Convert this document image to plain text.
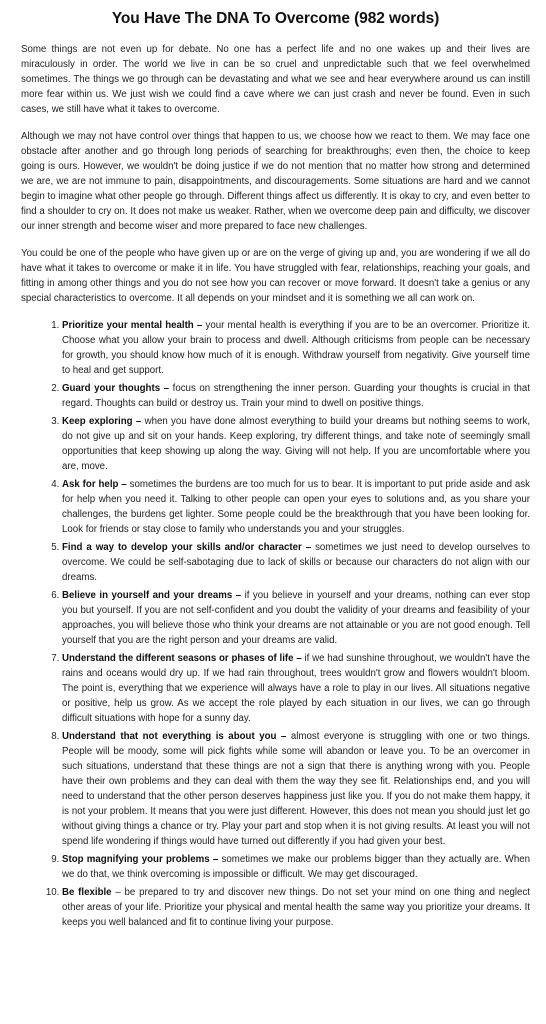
You Have The DNA To Overcome (982 words)

Some things are not even up for debate. No one has a perfect life and no one wakes up and their lives are miraculously in order. The world we live in can be so cruel and unpredictable such that we feel overwhelmed sometimes. The things we go through can be devastating and what we see and hear everywhere around us can instill more fear within us. We just wish we could find a cave where we can just crash and never be found. Even in such cases, we still have what it takes to overcome.

Although we may not have control over things that happen to us, we choose how we react to them. We may face one obstacle after another and go through long periods of searching for breakthroughs; even then, the choice to keep going is ours. However, we wouldn't be doing justice if we do not mention that no matter how strong and determined we are, we are not immune to pain, disappointments, and discouragements. Some situations are hard and we cannot begin to imagine what other people go through. Different things affect us differently. It is okay to cry, and even better to find a shoulder to cry on. It does not make us weaker. Rather, when we overcome deep pain and difficulty, we discover our inner strength and become wiser and more prepared to face new challenges.

You could be one of the people who have given up or are on the verge of giving up and, you are wondering if we all do have what it takes to overcome or make it in life. You have struggled with fear, relationships, reaching your goals, and fitting in among other things and you do not see how you can recover or move forward. It doesn't take a genius or any special characteristics to overcome. It all depends on your mindset and it is something we all can work on.

1. Prioritize your mental health – your mental health is everything if you are to be an overcomer. Prioritize it. Choose what you allow your brain to process and dwell. Although criticisms from people can be necessary for growth, you should know how much of it is enough. Withdraw yourself from negativity. Give yourself time to heal and get support.
2. Guard your thoughts – focus on strengthening the inner person. Guarding your thoughts is crucial in that regard. Thoughts can build or destroy us. Train your mind to dwell on positive things.
3. Keep exploring – when you have done almost everything to build your dreams but nothing seems to work, do not give up and sit on your hands. Keep exploring, try different things, and take note of seemingly small opportunities that keep showing up along the way. Giving will not help. If you are uncomfortable where you are, move.
4. Ask for help – sometimes the burdens are too much for us to bear. It is important to put pride aside and ask for help when you need it. Talking to other people can open your eyes to solutions and, as you share your challenges, the burdens get lighter. Some people could be the breakthrough that you have been looking for. Look for friends or stay close to family who understands you and your struggles.
5. Find a way to develop your skills and/or character – sometimes we just need to develop ourselves to overcome. We could be self-sabotaging due to lack of skills or because our characters do not align with our dreams.
6. Believe in yourself and your dreams – if you believe in yourself and your dreams, nothing can ever stop you but yourself. If you are not self-confident and you doubt the validity of your dreams and feasibility of your approaches, you will believe those who think your dreams are not attainable or you are not good enough. Tell yourself that you are the right person and your dreams are valid.
7. Understand the different seasons or phases of life – if we had sunshine throughout, we wouldn't have the rains and oceans would dry up. If we had rain throughout, trees wouldn't grow and flowers wouldn't bloom. The point is, everything that we experience will always have a role to play in our lives. All situations negative or positive, help us grow. As we accept the role played by each situation in our lives, we can go through difficult situations with hope for a sunny day.
8. Understand that not everything is about you – almost everyone is struggling with one or two things. People will be moody, some will pick fights while some will abandon or leave you. To be an overcomer in such situations, understand that these things are not a sign that there is anything wrong with you. People have their own problems and they can deal with them the way they see fit. Relationships end, and you will need to understand that the other person deserves happiness just like you. If you do not make them happy, it is not your problem. It means that you were just different. However, this does not mean you should just let go without giving things a chance or try. Play your part and stop when it is not giving results. At least you will not spend life wondering if things would have turned out differently if you had given your best.
9. Stop magnifying your problems – sometimes we make our problems bigger than they actually are. When we do that, we think overcoming is impossible or difficult. We may get discouraged.
10. Be flexible – be prepared to try and discover new things. Do not set your mind on one thing and neglect other areas of your life. Prioritize your physical and mental health the same way you prioritize your dreams. It keeps you well balanced and fit to continue living your purpose.
